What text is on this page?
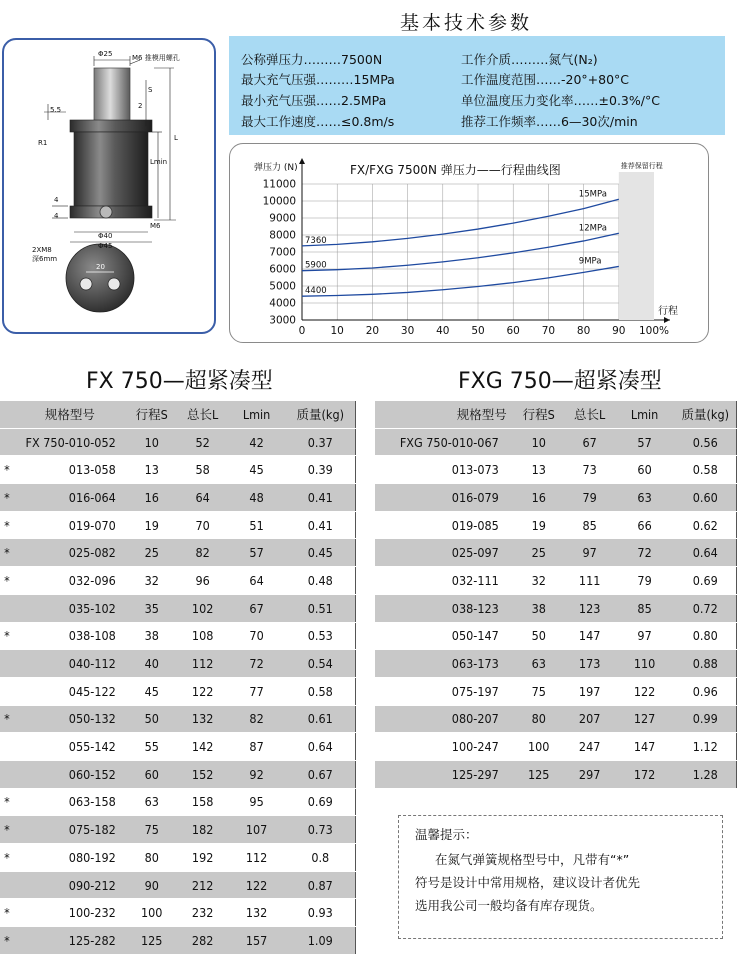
基本技术参数
Φ25	M6 推模用螺孔
S
5.5
R1
2
L
Lmin
4
4
M6
Φ40
Φ45
2XM8
深6mm
20
公称弹压力………7500N	工作介质………氮气(N₂)
最大充气压强………15MPa	工作温度范围……-20°+80°C
最小充气压强……2.5MPa	单位温度压力变化率……±0.3%/°C
最大工作速度……≤0.8m/s	推荐工作频率……6—30次/min
推荐保留行程
3000
4000
5000
6000
7000
8000
9000
10000
11000
0 10 20 30 40 50 60 70 80 90 100%
15MPa
7360
12MPa
5900	9MPa
4400
FX/FXG 7500N 弹压力——行程曲线图
弹压力 (N)
行程
FX 750—超紧凑型	FXG 750—超紧凑型
	规格型号	行程S	总长L	Lmin	质量(kg)
	FX 750-010-052	10	52	42	0.37
*	013-058	13	58	45	0.39
*	016-064	16	64	48	0.41
*	019-070	19	70	51	0.41
*	025-082	25	82	57	0.45
*	032-096	32	96	64	0.48
	035-102	35	102	67	0.51
*	038-108	38	108	70	0.53
	040-112	40	112	72	0.54
	045-122	45	122	77	0.58
*	050-132	50	132	82	0.61
	055-142	55	142	87	0.64
	060-152	60	152	92	0.67
*	063-158	63	158	95	0.69
*	075-182	75	182	107	0.73
*	080-192	80	192	112	0.8
	090-212	90	212	122	0.87
*	100-232	100	232	132	0.93
*	125-282	125	282	157	1.09
规格型号	行程S	总长L	Lmin	质量(kg)
FXG 750-010-067	10	67	57	0.56
013-073	13	73	60	0.58
016-079	16	79	63	0.60
019-085	19	85	66	0.62
025-097	25	97	72	0.64
032-111	32	111	79	0.69
038-123	38	123	85	0.72
050-147	50	147	97	0.80
063-173	63	173	110	0.88
075-197	75	197	122	0.96
080-207	80	207	127	0.99
100-247	100	247	147	1.12
125-297	125	297	172	1.28
温馨提示：
在氮气弹簧规格型号中，凡带有“*”
符号是设计中常用规格，建议设计者优先
选用我公司一般均备有库存现货。
